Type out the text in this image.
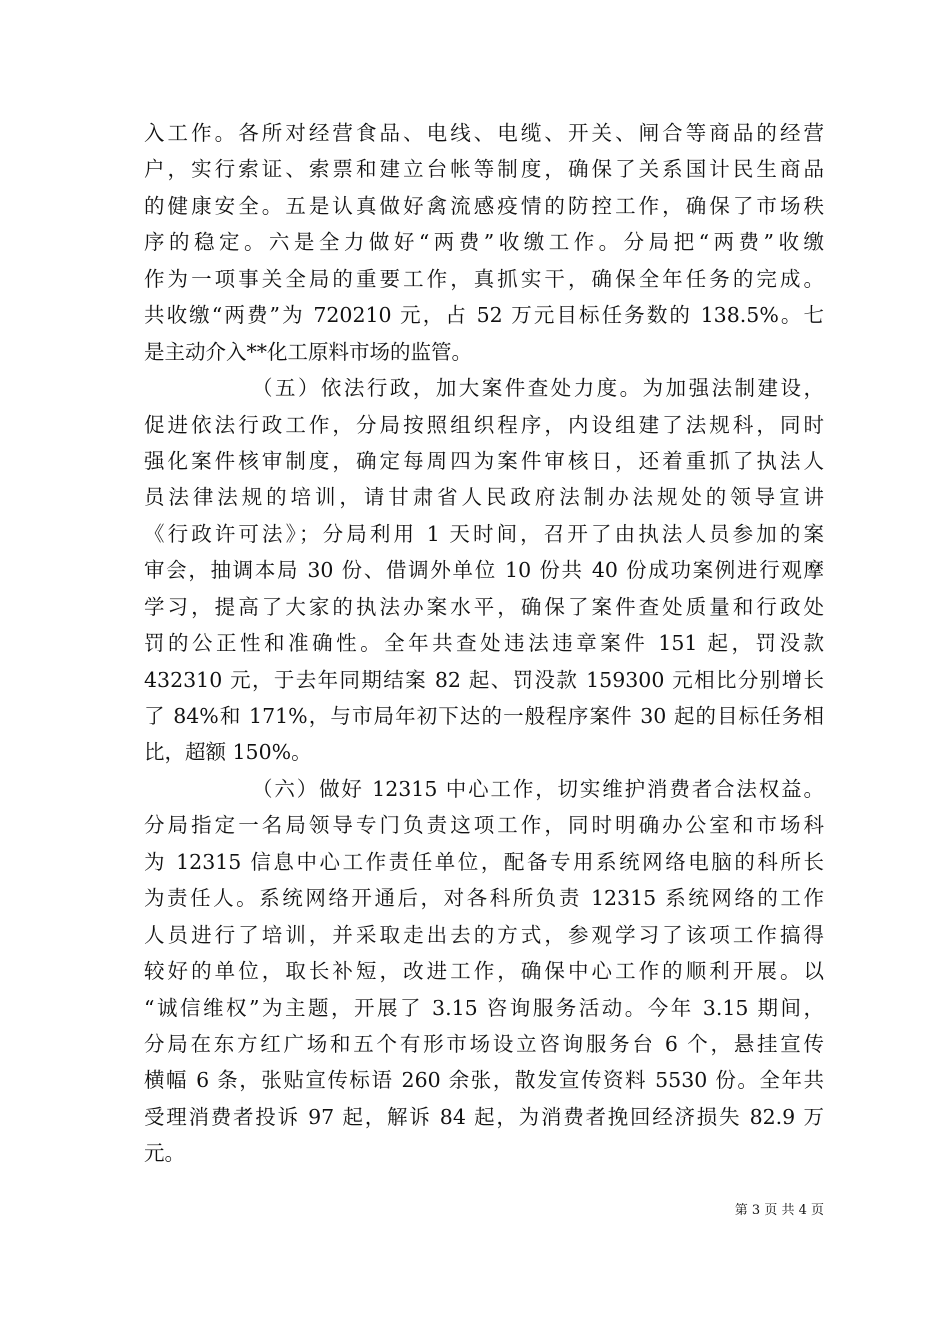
入工作。各所对经营食品、电线、电缆、开关、闸合等商品的经营
户，实行索证、索票和建立台帐等制度，确保了关系国计民生商品
的健康安全。五是认真做好禽流感疫情的防控工作，确保了市场秩
序的稳定。六是全力做好“两费”收缴工作。分局把“两费”收缴
作为一项事关全局的重要工作，真抓实干，确保全年任务的完成。
共收缴“两费”为 720210 元，占 52 万元目标任务数的 138.5%。七
是主动介入**化工原料市场的监管。
（五）依法行政，加大案件查处力度。为加强法制建设，
促进依法行政工作，分局按照组织程序，内设组建了法规科，同时
强化案件核审制度，确定每周四为案件审核日，还着重抓了执法人
员法律法规的培训，请甘肃省人民政府法制办法规处的领导宣讲
《行政许可法》；分局利用 1 天时间，召开了由执法人员参加的案
审会，抽调本局 30 份、借调外单位 10 份共 40 份成功案例进行观摩
学习，提高了大家的执法办案水平，确保了案件查处质量和行政处
罚的公正性和准确性。全年共查处违法违章案件 151 起，罚没款
432310 元，于去年同期结案 82 起、罚没款 159300 元相比分别增长
了 84%和 171%，与市局年初下达的一般程序案件 30 起的目标任务相
比，超额 150%。
（六）做好 12315 中心工作，切实维护消费者合法权益。
分局指定一名局领导专门负责这项工作，同时明确办公室和市场科
为 12315 信息中心工作责任单位，配备专用系统网络电脑的科所长
为责任人。系统网络开通后，对各科所负责 12315 系统网络的工作
人员进行了培训，并采取走出去的方式，参观学习了该项工作搞得
较好的单位，取长补短，改进工作，确保中心工作的顺利开展。以
“诚信维权”为主题，开展了 3.15 咨询服务活动。今年 3.15 期间，
分局在东方红广场和五个有形市场设立咨询服务台 6 个，悬挂宣传
横幅 6 条，张贴宣传标语 260 余张，散发宣传资料 5530 份。全年共
受理消费者投诉 97 起，解诉 84 起，为消费者挽回经济损失 82.9 万
元。
第 3 页 共 4 页
